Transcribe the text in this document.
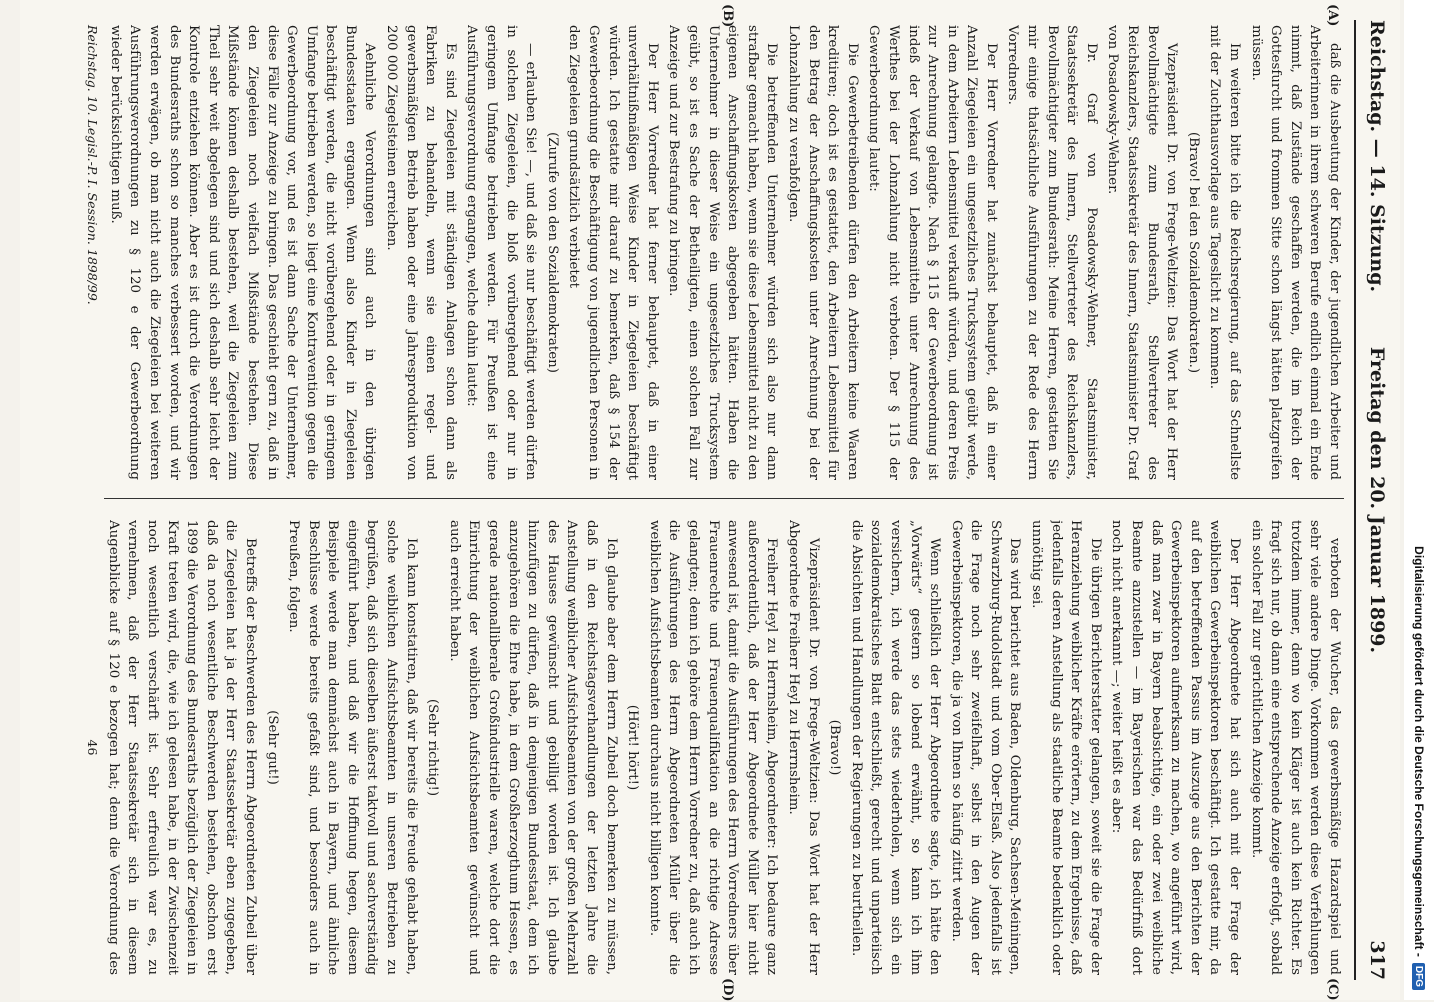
Reichstag. — 14. Sitzung.
Freitag den 20. Januar 1899.
317
(A)
(B)
(C)
(D)

daß die Ausbeutung der Kinder, der jugendlichen Arbeiter und Arbeiterinnen in ihrem schweren Berufe endlich einmal ein Ende nimmt, daß Zustände geschaffen werden, die im Reich der Gottesfurcht und frommen Sitte schon längst hätten platzgreifen müssen.

Im weiteren bitte ich die Reichsregierung, auf das Schnellste mit der Zuchthausvorlage aus Tageslicht zu kommen.

(Bravo! bei den Sozialdemokraten.)

Vizepräsident Dr. von Frege-Weltzien: Das Wort hat der Herr Bevollmächtigte zum Bundesrath, Stellvertreter des Reichskanzlers, Staatssekretär des Innern, Staatsminister Dr. Graf von Posadowsky-Wehner.

Dr. Graf von Posadowsky-Wehner, Staatsminister, Staatssekretär des Innern, Stellvertreter des Reichskanzlers, Bevollmächtigter zum Bundesrath: Meine Herren, gestatten Sie mir einige thatsächliche Ausführungen zu der Rede des Herrn Vorredners.

Der Herr Vorredner hat zunächst behauptet, daß in einer Anzahl Ziegeleien ein ungesetzliches Truckssystem geübt werde, in dem Arbeitern Lebensmittel verkauft würden, und deren Preis zur Anrechnung gelangte. Nach § 115 der Gewerbeordnung ist indeß der Verkauf von Lebensmitteln unter Anrechnung des Werthes bei der Lohnzahlung nicht verboten. Der § 115 der Gewerbeordnung lautet:

Die Gewerbetreibenden dürfen den Arbeitern keine Waaren kreditiren; doch ist es gestattet, den Arbeitern Lebensmittel für den Betrag der Anschaffungskosten unter Anrechnung bei der Lohnzahlung zu verabfolgen.

Die betreffenden Unternehmer würden sich also nur dann strafbar gemacht haben, wenn sie diese Lebensmittel nicht zu den eigenen Anschaffungskosten abgegeben hätten. Haben die Unternehmer in dieser Weise ein ungesetzliches Trucksystem geübt, so ist es Sache der Betheiligten, einen solchen Fall zur Anzeige und zur Bestrafung zu bringen.

Der Herr Vorredner hat ferner behauptet, daß in einer unverhältnißmäßigen Weise Kinder in Ziegeleien beschäftigt würden. Ich gestatte mir darauf zu bemerken, daß § 154 der Gewerbeordnung die Beschäftigung von jugendlichen Personen in den Ziegeleien grundsätzlich verbietet

(Zurufe von den Sozialdemokraten)

— erlauben Sie! —, und daß sie nur beschäftigt werden dürfen in solchen Ziegeleien, die bloß vorübergehend oder nur in geringem Umfange betrieben werden. Für Preußen ist eine Ausführungsverordnung ergangen, welche dahin lautet:

Es sind Ziegeleien mit ständigen Anlagen schon dann als Fabriken zu behandeln, wenn sie einen regel- und gewerbsmäßigen Betrieb haben oder eine Jahresproduktion von 200 000 Ziegelsteinen erreichen.

Aehnliche Verordnungen sind auch in den übrigen Bundesstaaten ergangen. Wenn also Kinder in Ziegeleien beschäftigt werden, die nicht vorübergehend oder in geringem Umfange betrieben werden, so liegt eine Kontravention gegen die Gewerbeordnung vor, und es ist dann Sache der Unternehmer, diese Fälle zur Anzeige zu bringen. Das geschieht gern zu, daß in den Ziegeleien noch vielfach Mißstände bestehen. Diese Mißstände können deshalb bestehen, weil die Ziegeleien zum Theil sehr weit abgelegen sind und sich deshalb sehr leicht der Kontrole entziehen können. Aber es ist durch die Verordnungen des Bundesraths schon so manches verbessert worden, und wir werden erwägen, ob man nicht auch die Ziegeleien bei weiteren Ausführungsverordnungen zu § 120 e der Gewerbeordnung wieder berücksichtigen muß.

verboten der Wucher, das gewerbsmäßige Hazardspiel und sehr viele andere Dinge. Vorkommen werden diese Verfehlungen trotzdem immer, denn wo kein Kläger ist auch kein Richter. Es fragt sich nur, ob dann eine entsprechende Anzeige erfolgt, sobald ein solcher Fall zur gerichtlichen Anzeige kommt.

Der Herr Abgeordnete hat sich auch mit der Frage der weiblichen Gewerbeinspektoren beschäftigt. Ich gestatte mir, da auf den betreffenden Passus im Auszuge aus den Berichten der Gewerbeinspektoren aufmerksam zu machen, wo angeführt wird, daß man zwar in Bayern beabsichtige, ein oder zwei weibliche Beamte anzustellen — im Bayerischen war das Bedürfniß dort noch nicht anerkannt —; weiter heißt es aber:

Die übrigen Berichterstatter gelangen, soweit sie die Frage der Heranziehung weiblicher Kräfte erörtern, zu dem Ergebnisse, daß jedenfalls deren Anstellung als staatliche Beamte bedenklich oder unnöthig sei.

Das wird berichtet aus Baden, Oldenburg, Sachsen-Meiningen, Schwarzburg-Rudolstadt und vom Ober-Elsaß. Also jedenfalls ist die Frage noch sehr zweifelhaft, selbst in den Augen der Gewerbeinspektoren, die ja von Ihnen so häufig zitirt werden.

Wenn schließlich der Herr Abgeordnete sagte, ich hätte den „Vorwärts“ gestern so lobend erwähnt, so kann ich ihm versichern, ich werde das stets wiederholen, wenn sich ein sozialdemokratisches Blatt entschließt, gerecht und unparteiisch die Absichten und Handlungen der Regierungen zu beurtheilen.

(Bravo!)

Vizepräsident Dr. von Frege-Weltzien: Das Wort hat der Herr Abgeordnete Freiherr Heyl zu Herrnsheim.

Freiherr Heyl zu Herrnsheim, Abgeordneter: Ich bedaure ganz außerordentlich, daß der Herr Abgeordnete Müller hier nicht anwesend ist, damit die Ausführungen des Herrn Vorredners über Frauenrechte und Frauenqualifikation an die richtige Adresse gelangten; denn ich gehöre dem Herrn Vorredner zu, daß auch ich die Ausführungen des Herrn Abgeordneten Müller über die weiblichen Aufsichtsbeamten durchaus nicht billigen konnte.

(Hört! hört!)

Ich glaube aber dem Herrn Zubeil doch bemerken zu müssen, daß in den Reichstagsverhandlungen der letzten Jahre die Anstellung weiblicher Aufsichtsbeamten von der großen Mehrzahl des Hauses gewünscht und gebilligt worden ist. Ich glaube hinzufügen zu dürfen, daß in demjenigen Bundesstaat, dem ich anzugehören die Ehre habe, in dem Großherzogthum Hessen, es gerade nationalliberale Großindustrielle waren, welche dort die Einrichtung der weiblichen Aufsichtsbeamten gewünscht und auch erreicht haben.

(Sehr richtig!)

Ich kann konstatiren, daß wir bereits die Freude gehabt haben, solche weiblichen Aufsichtsbeamten in unseren Betrieben zu begrüßen, daß sich dieselben äußerst taktvoll und sachverständig eingeführt haben, und daß wir die Hoffnung hegen, diesem Beispiele werde man demnächst auch in Bayern, und ähnliche Beschlüsse werde bereits gefaßt sind, und besonders auch in Preußen, folgen.

(Sehr gut!)

Betreffs der Beschwerden des Herrn Abgeordneten Zubeil über die Ziegeleien hat ja der Herr Staatssekretär eben zugegeben, daß da noch wesentliche Beschwerden bestehen, obschon erst 1899 die Verordnung des Bundesraths bezüglich der Ziegeleien in Kraft treten wird, die, wie ich gelesen habe, in der Zwischenzeit noch wesentlich verschärft ist. Sehr erfreulich war es, zu vernehmen, daß der Herr Staatssekretär sich in diesem Augenblicke auf § 120 e bezogen hat; denn die Verordnung des

Reichstag. 10. Legisl.-P. I. Session. 1898/99.
46	Digitalisierung gefördert durch die Deutsche Forschungsgemeinschaft -
DFG
